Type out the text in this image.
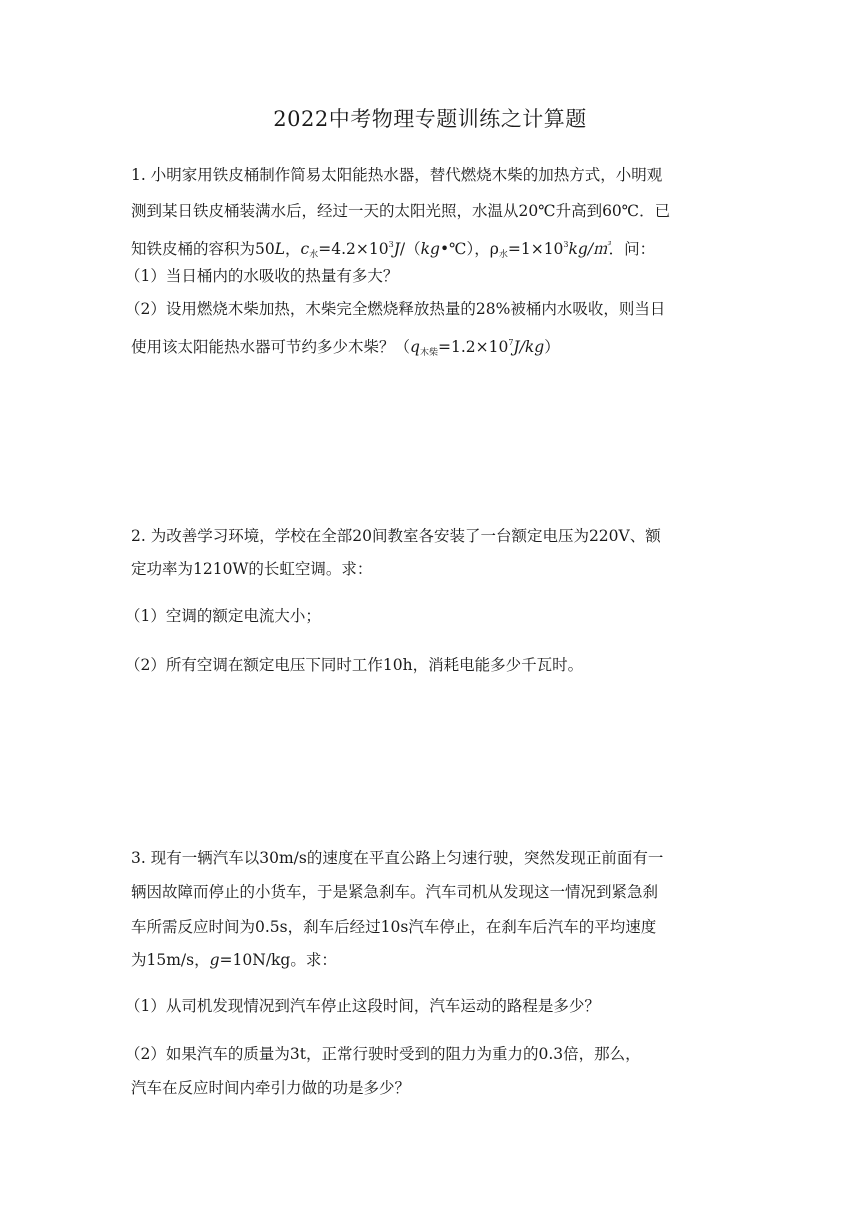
2022中考物理专题训练之计算题
1. 小明家用铁皮桶制作简易太阳能热水器，替代燃烧木柴的加热方式，小明观
测到某日铁皮桶装满水后，经过一天的太阳光照，水温从20℃升高到60℃．已
知铁皮桶的容积为50L，$c_水=4.2\times 10^3J/(kg•℃)$，$\rho_水=1\times 10^3kg/㎥$．问：
（1）当日桶内的水吸收的热量有多大？
（2）设用燃烧木柴加热，木柴完全燃烧释放热量的28%被桶内水吸收，则当日
使用该太阳能热水器可节约多少木柴？$(q_{木柴}=1.2\times 10^7J/kg)$
2. 为改善学习环境，学校在全部20间教室各安装了一台额定电压为220V、额
定功率为1210W的长虹空调。求：
（1）空调的额定电流大小；
（2）所有空调在额定电压下同时工作10h，消耗电能多少千瓦时。
3. 现有一辆汽车以30m/s的速度在平直公路上匀速行驶，突然发现正前面有一
辆因故障而停止的小货车，于是紧急刹车。汽车司机从发现这一情况到紧急刹
车所需反应时间为0.5s，刹车后经过10s汽车停止，在刹车后汽车的平均速度
为15m/s，g=10N/kg。求：
（1）从司机发现情况到汽车停止这段时间，汽车运动的路程是多少？
（2）如果汽车的质量为3t，正常行驶时受到的阻力为重力的0.3倍，那么，
汽车在反应时间内牵引力做的功是多少？
